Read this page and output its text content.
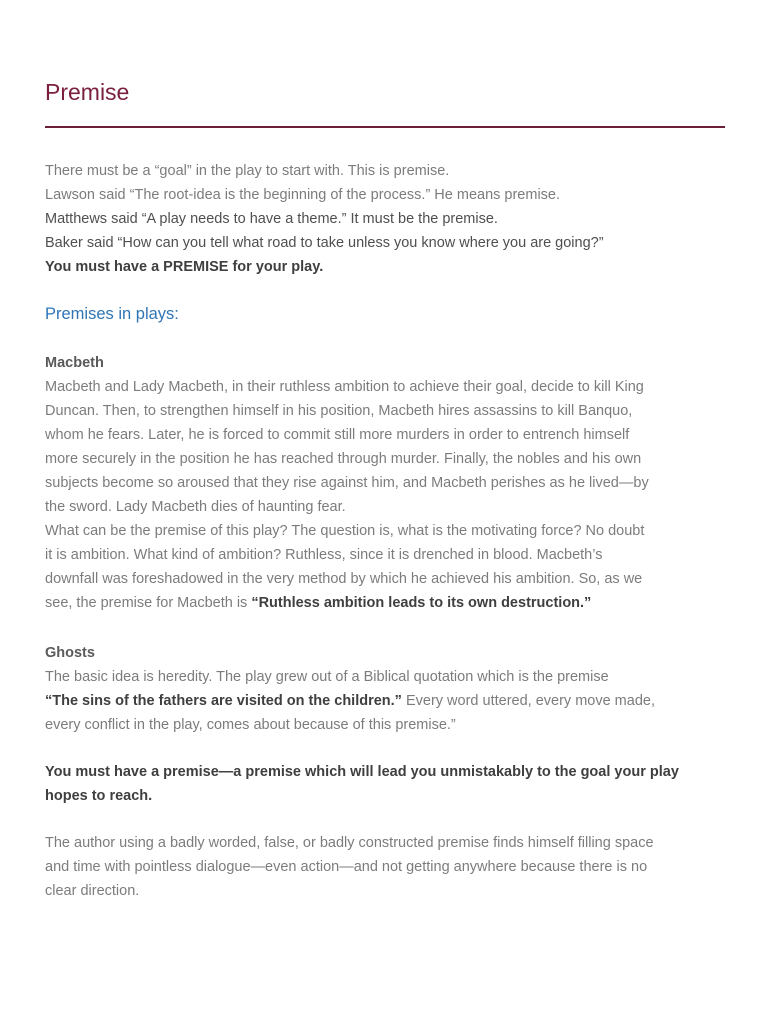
Premise
There must be a “goal” in the play to start with. This is premise.
Lawson said “The root-idea is the beginning of the process.” He means premise.
Matthews said “A play needs to have a theme.” It must be the premise.
Baker said “How can you tell what road to take unless you know where you are going?”
You must have a PREMISE for your play.
Premises in plays:
Macbeth
Macbeth and Lady Macbeth, in their ruthless ambition to achieve their goal, decide to kill King
Duncan. Then, to strengthen himself in his position, Macbeth hires assassins to kill Banquo,
whom he fears. Later, he is forced to commit still more murders in order to entrench himself
more securely in the position he has reached through murder. Finally, the nobles and his own
subjects become so aroused that they rise against him, and Macbeth perishes as he lived—by
the sword. Lady Macbeth dies of haunting fear.
What can be the premise of this play? The question is, what is the motivating force? No doubt
it is ambition. What kind of ambition? Ruthless, since it is drenched in blood. Macbeth’s
downfall was foreshadowed in the very method by which he achieved his ambition. So, as we
see, the premise for Macbeth is “Ruthless ambition leads to its own destruction.”
Ghosts
The basic idea is heredity. The play grew out of a Biblical quotation which is the premise
“The sins of the fathers are visited on the children.” Every word uttered, every move made,
every conflict in the play, comes about because of this premise.”
You must have a premise—a premise which will lead you unmistakably to the goal your play
hopes to reach.
The author using a badly worded, false, or badly constructed premise finds himself filling space
and time with pointless dialogue—even action—and not getting anywhere because there is no
clear direction.
